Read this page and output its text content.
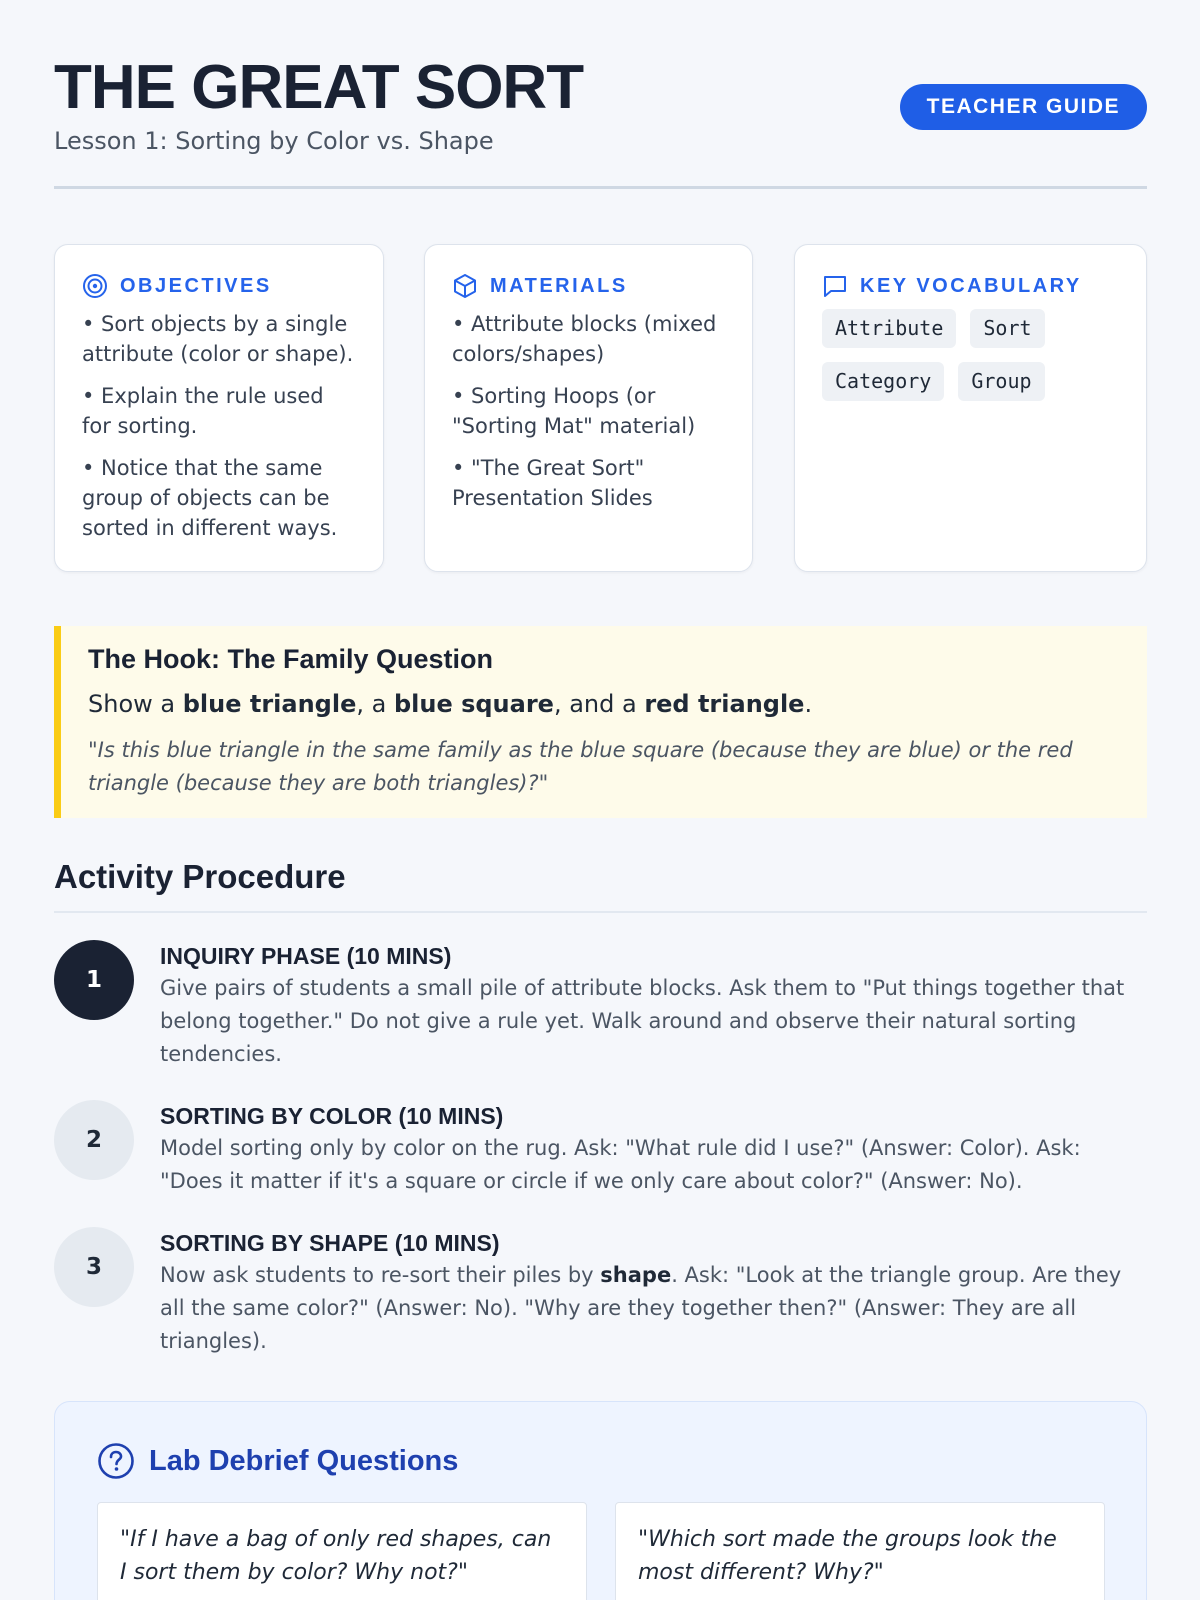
THE GREAT SORT
Lesson 1: Sorting by Color vs. Shape
TEACHER GUIDE
OBJECTIVES
• Sort objects by a single attribute (color or shape).
• Explain the rule used for sorting.
• Notice that the same group of objects can be sorted in different ways.
MATERIALS
• Attribute blocks (mixed colors/shapes)
• Sorting Hoops (or "Sorting Mat" material)
• "The Great Sort" Presentation Slides
KEY VOCABULARY
Attribute	Sort
Category	Group
The Hook: The Family Question
Show a blue triangle, a blue square, and a red triangle.
"Is this blue triangle in the same family as the blue square (because they are blue) or the red triangle (because they are both triangles)?"
Activity Procedure
1
INQUIRY PHASE (10 MINS)
Give pairs of students a small pile of attribute blocks. Ask them to "Put things together that belong together." Do not give a rule yet. Walk around and observe their natural sorting tendencies.
2
SORTING BY COLOR (10 MINS)
Model sorting only by color on the rug. Ask: "What rule did I use?" (Answer: Color). Ask: "Does it matter if it's a square or circle if we only care about color?" (Answer: No).
3
SORTING BY SHAPE (10 MINS)
Now ask students to re-sort their piles by shape. Ask: "Look at the triangle group. Are they all the same color?" (Answer: No). "Why are they together then?" (Answer: They are all triangles).
Lab Debrief Questions
"If I have a bag of only red shapes, can I sort them by color? Why not?"
"Which sort made the groups look the most different? Why?"
